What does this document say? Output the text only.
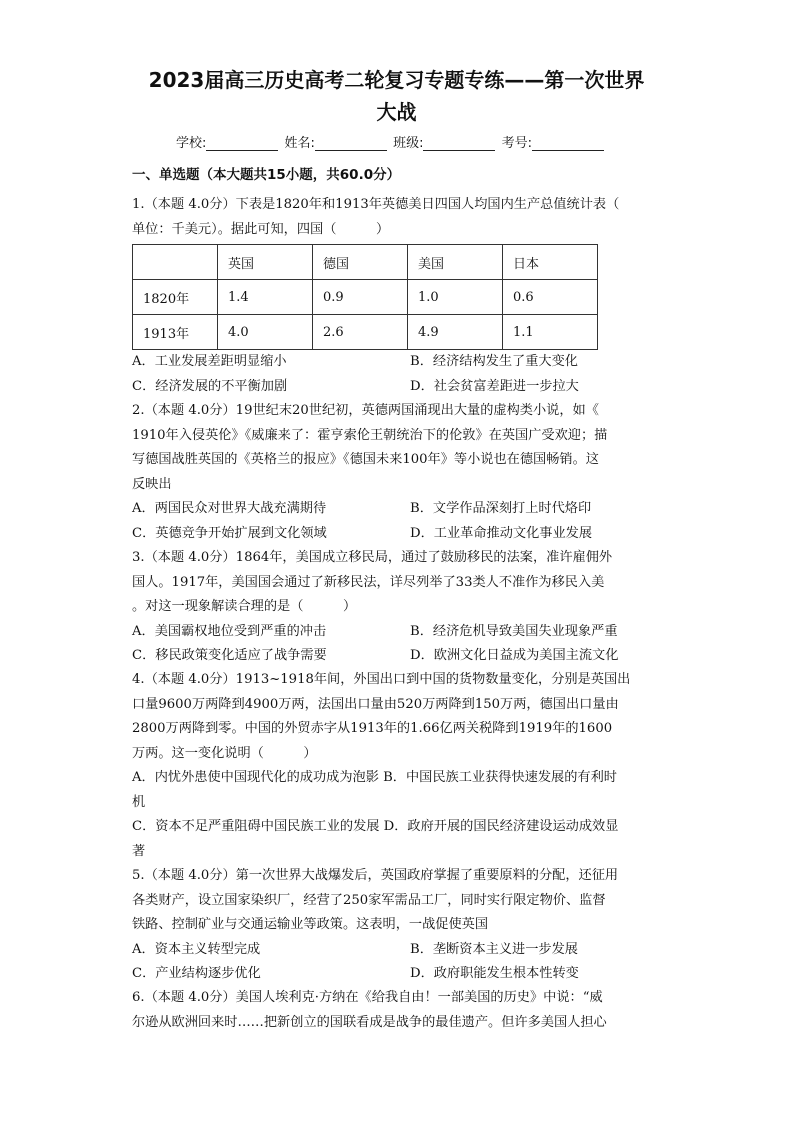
2023届高三历史高考二轮复习专题专练——第一次世界
大战
学校:	姓名:	班级:	考号:
一、单选题（本大题共15小题，共60.0分）
1.（本题 4.0分）下表是1820年和1913年英德美日四国人均国内生产总值统计表（
单位：千美元）。据此可知，四国（　　　）
	英国	德国	美国	日本
1820年	1.4	0.9	1.0	0.6
1913年	4.0	2.6	4.9	1.1
A．工业发展差距明显缩小	B．经济结构发生了重大变化
C．经济发展的不平衡加剧	D．社会贫富差距进一步拉大
2.（本题 4.0分）19世纪末20世纪初，英德两国涌现出大量的虚构类小说，如《
1910年入侵英伦》《威廉来了：霍亨索伦王朝统治下的伦敦》在英国广受欢迎；描
写德国战胜英国的《英格兰的报应》《德国未来100年》等小说也在德国畅销。这
反映出
A．两国民众对世界大战充满期待	B．文学作品深刻打上时代烙印
C．英德竞争开始扩展到文化领域	D．工业革命推动文化事业发展
3.（本题 4.0分）1864年，美国成立移民局，通过了鼓励移民的法案，准许雇佣外
国人。1917年，美国国会通过了新移民法，详尽列举了33类人不准作为移民入美
。对这一现象解读合理的是（　　　）
A．美国霸权地位受到严重的冲击	B．经济危机导致美国失业现象严重
C．移民政策变化适应了战争需要	D．欧洲文化日益成为美国主流文化
4.（本题 4.0分）1913~1918年间，外国出口到中国的货物数量变化，分别是英国出
口量9600万两降到4900万两，法国出口量由520万两降到150万两，德国出口量由
2800万两降到零。中国的外贸赤字从1913年的1.66亿两关税降到1919年的1600
万两。这一变化说明（　　　）
A．内忧外患使中国现代化的成功成为泡影 B．中国民族工业获得快速发展的有利时
机
C．资本不足严重阻碍中国民族工业的发展 D．政府开展的国民经济建设运动成效显
著
5.（本题 4.0分）第一次世界大战爆发后，英国政府掌握了重要原料的分配，还征用
各类财产，设立国家染织厂，经营了250家军需品工厂，同时实行限定物价、监督
铁路、控制矿业与交通运输业等政策。这表明，一战促使英国
A．资本主义转型完成	B．垄断资本主义进一步发展
C．产业结构逐步优化	D．政府职能发生根本性转变
6.（本题 4.0分）美国人埃利克·方纳在《给我自由！一部美国的历史》中说：“威
尔逊从欧洲回来时……把新创立的国联看成是战争的最佳遗产。但许多美国人担心
